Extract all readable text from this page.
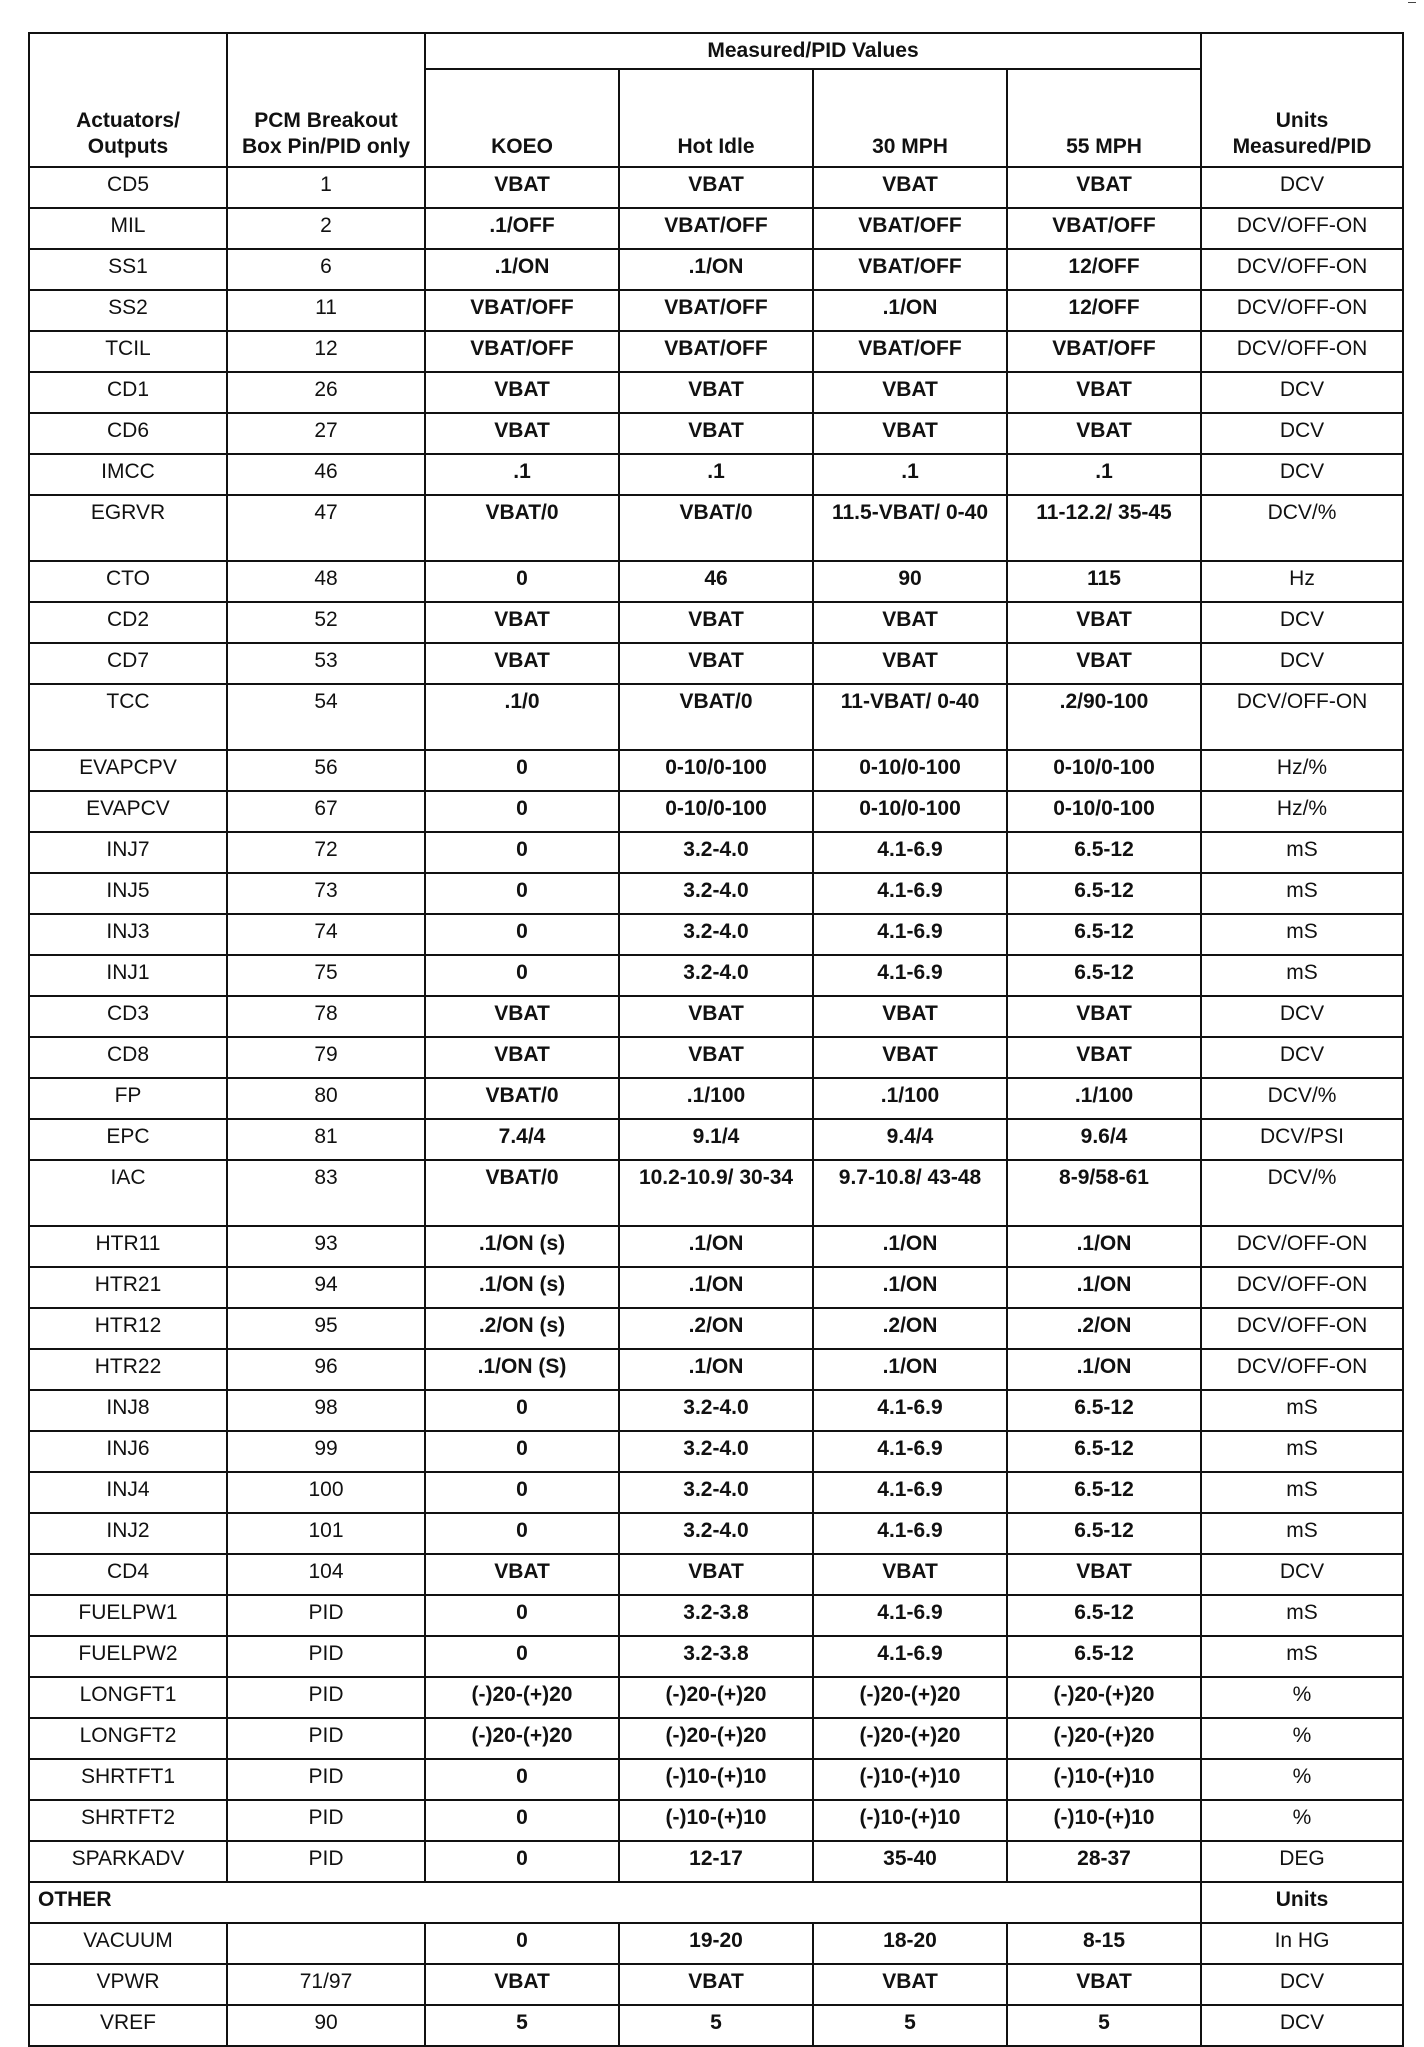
Actuators/ Outputs	PCM Breakout Box Pin/PID only	Measured/PID Values				Units Measured/PID
		KOEO	Hot Idle	30 MPH	55 MPH	
CD5	1	VBAT	VBAT	VBAT	VBAT	DCV
MIL	2	.1/OFF	VBAT/OFF	VBAT/OFF	VBAT/OFF	DCV/OFF-ON
SS1	6	.1/ON	.1/ON	VBAT/OFF	12/OFF	DCV/OFF-ON
SS2	11	VBAT/OFF	VBAT/OFF	.1/ON	12/OFF	DCV/OFF-ON
TCIL	12	VBAT/OFF	VBAT/OFF	VBAT/OFF	VBAT/OFF	DCV/OFF-ON
CD1	26	VBAT	VBAT	VBAT	VBAT	DCV
CD6	27	VBAT	VBAT	VBAT	VBAT	DCV
IMCC	46	.1	.1	.1	.1	DCV
EGRVR	47	VBAT/0	VBAT/0	11.5-VBAT/ 0-40	11-12.2/ 35-45	DCV/%
CTO	48	0	46	90	115	Hz
CD2	52	VBAT	VBAT	VBAT	VBAT	DCV
CD7	53	VBAT	VBAT	VBAT	VBAT	DCV
TCC	54	.1/0	VBAT/0	11-VBAT/ 0-40	.2/90-100	DCV/OFF-ON
EVAPCPV	56	0	0-10/0-100	0-10/0-100	0-10/0-100	Hz/%
EVAPCV	67	0	0-10/0-100	0-10/0-100	0-10/0-100	Hz/%
INJ7	72	0	3.2-4.0	4.1-6.9	6.5-12	mS
INJ5	73	0	3.2-4.0	4.1-6.9	6.5-12	mS
INJ3	74	0	3.2-4.0	4.1-6.9	6.5-12	mS
INJ1	75	0	3.2-4.0	4.1-6.9	6.5-12	mS
CD3	78	VBAT	VBAT	VBAT	VBAT	DCV
CD8	79	VBAT	VBAT	VBAT	VBAT	DCV
FP	80	VBAT/0	.1/100	.1/100	.1/100	DCV/%
EPC	81	7.4/4	9.1/4	9.4/4	9.6/4	DCV/PSI
IAC	83	VBAT/0	10.2-10.9/ 30-34	9.7-10.8/ 43-48	8-9/58-61	DCV/%
HTR11	93	.1/ON (s)	.1/ON	.1/ON	.1/ON	DCV/OFF-ON
HTR21	94	.1/ON (s)	.1/ON	.1/ON	.1/ON	DCV/OFF-ON
HTR12	95	.2/ON (s)	.2/ON	.2/ON	.2/ON	DCV/OFF-ON
HTR22	96	.1/ON (S)	.1/ON	.1/ON	.1/ON	DCV/OFF-ON
INJ8	98	0	3.2-4.0	4.1-6.9	6.5-12	mS
INJ6	99	0	3.2-4.0	4.1-6.9	6.5-12	mS
INJ4	100	0	3.2-4.0	4.1-6.9	6.5-12	mS
INJ2	101	0	3.2-4.0	4.1-6.9	6.5-12	mS
CD4	104	VBAT	VBAT	VBAT	VBAT	DCV
FUELPW1	PID	0	3.2-3.8	4.1-6.9	6.5-12	mS
FUELPW2	PID	0	3.2-3.8	4.1-6.9	6.5-12	mS
LONGFT1	PID	(-)20-(+)20	(-)20-(+)20	(-)20-(+)20	(-)20-(+)20	%
LONGFT2	PID	(-)20-(+)20	(-)20-(+)20	(-)20-(+)20	(-)20-(+)20	%
SHRTFT1	PID	0	(-)10-(+)10	(-)10-(+)10	(-)10-(+)10	%
SHRTFT2	PID	0	(-)10-(+)10	(-)10-(+)10	(-)10-(+)10	%
SPARKADV	PID	0	12-17	35-40	28-37	DEG
OTHER						Units
VACUUM		0	19-20	18-20	8-15	In HG
VPWR	71/97	VBAT	VBAT	VBAT	VBAT	DCV
VREF	90	5	5	5	5	DCV
